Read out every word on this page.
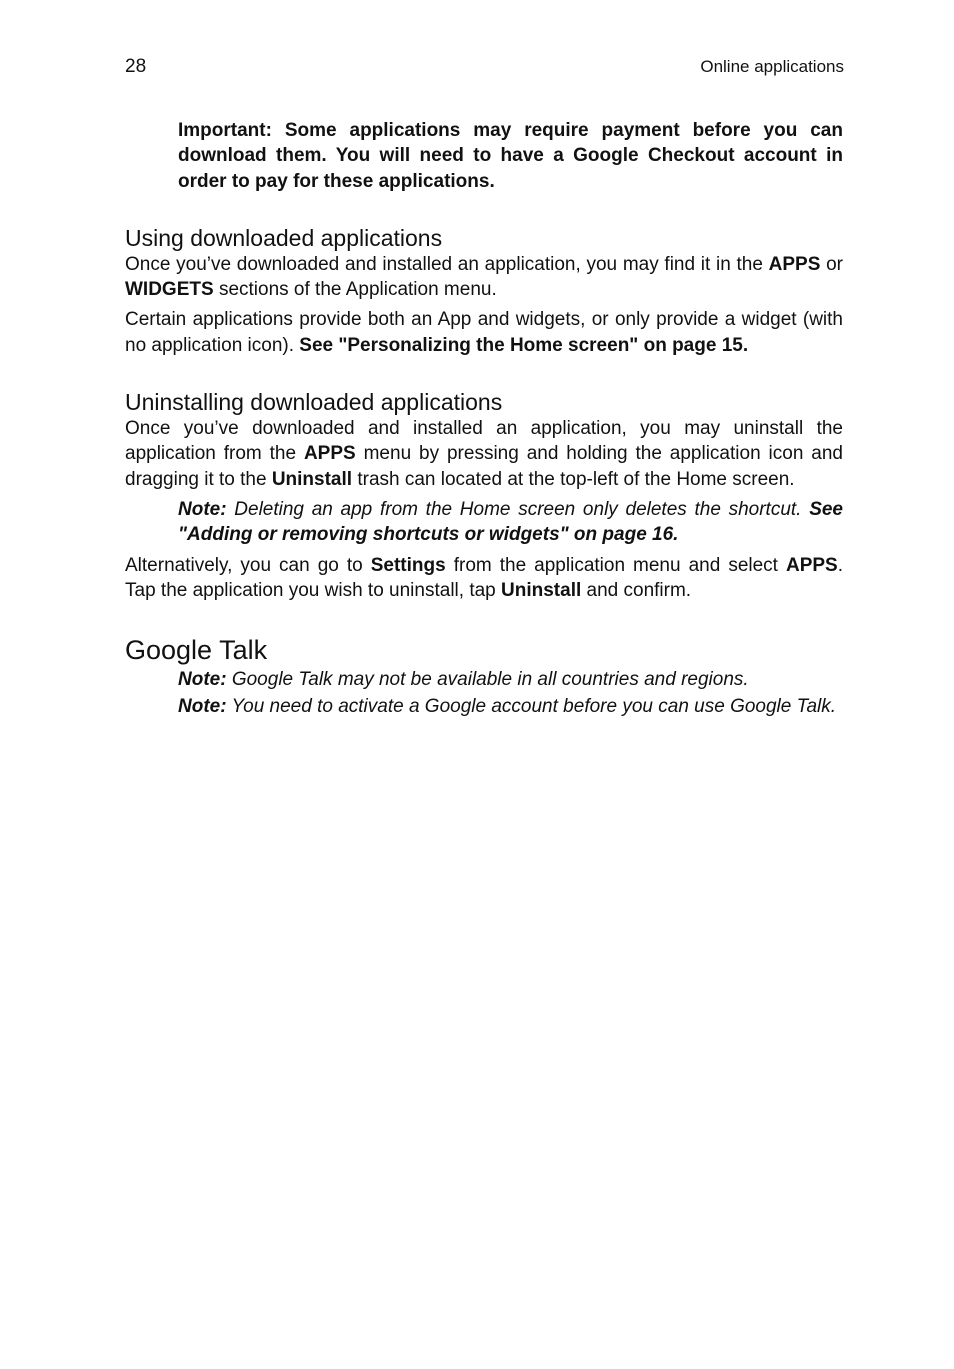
28	Online applications

Important: Some applications may require payment before you can download them. You will need to have a Google Checkout account in order to pay for these applications.

Using downloaded applications

Once you’ve downloaded and installed an application, you may find it in the APPS or WIDGETS sections of the Application menu.

Certain applications provide both an App and widgets, or only provide a widget (with no application icon). See "Personalizing the Home screen" on page 15.

Uninstalling downloaded applications

Once you’ve downloaded and installed an application, you may uninstall the application from the APPS menu by pressing and holding the application icon and dragging it to the Uninstall trash can located at the top-left of the Home screen.

Note: Deleting an app from the Home screen only deletes the shortcut. See "Adding or removing shortcuts or widgets" on page 16.

Alternatively, you can go to Settings from the application menu and select APPS. Tap the application you wish to uninstall, tap Uninstall and confirm.

Google Talk

Note: Google Talk may not be available in all countries and regions.

Note: You need to activate a Google account before you can use Google Talk.
